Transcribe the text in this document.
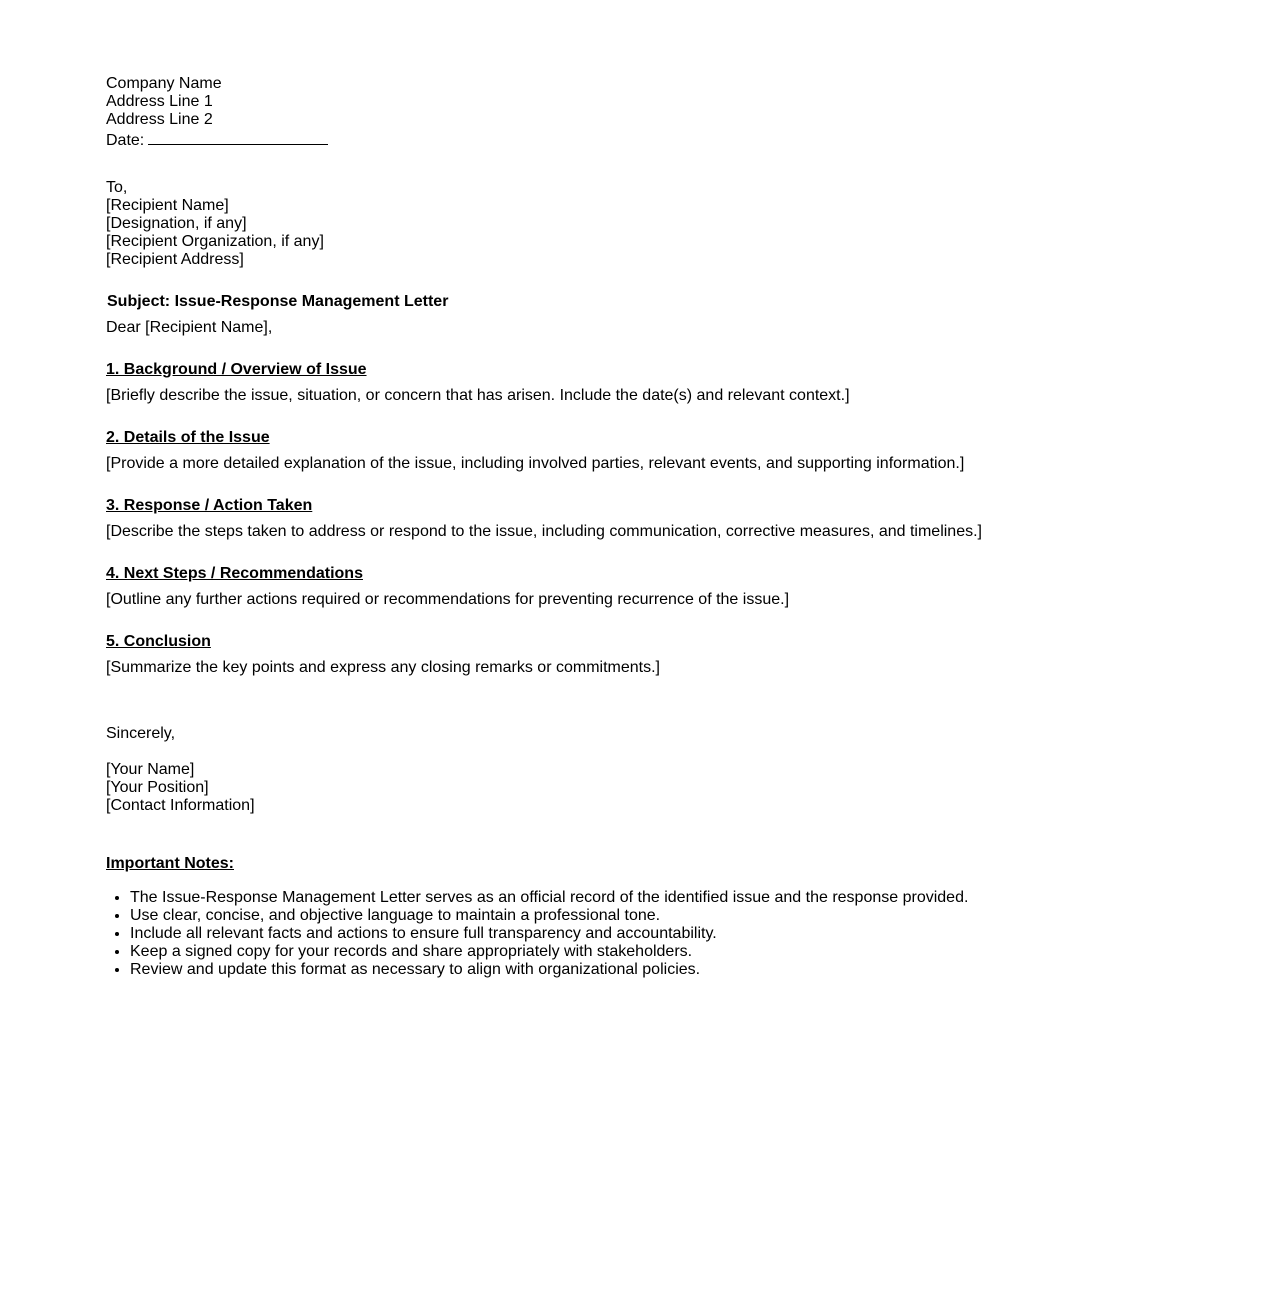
Company Name
Address Line 1
Address Line 2
Date:
To,
[Recipient Name]
[Designation, if any]
[Recipient Organization, if any]
[Recipient Address]
Subject: Issue-Response Management Letter
Dear [Recipient Name],
1. Background / Overview of Issue
[Briefly describe the issue, situation, or concern that has arisen. Include the date(s) and relevant context.]
2. Details of the Issue
[Provide a more detailed explanation of the issue, including involved parties, relevant events, and supporting information.]
3. Response / Action Taken
[Describe the steps taken to address or respond to the issue, including communication, corrective measures, and timelines.]
4. Next Steps / Recommendations
[Outline any further actions required or recommendations for preventing recurrence of the issue.]
5. Conclusion
[Summarize the key points and express any closing remarks or commitments.]
Sincerely,
[Your Name]
[Your Position]
[Contact Information]
Important Notes:
• The Issue-Response Management Letter serves as an official record of the identified issue and the response provided.
• Use clear, concise, and objective language to maintain a professional tone.
• Include all relevant facts and actions to ensure full transparency and accountability.
• Keep a signed copy for your records and share appropriately with stakeholders.
• Review and update this format as necessary to align with organizational policies.
